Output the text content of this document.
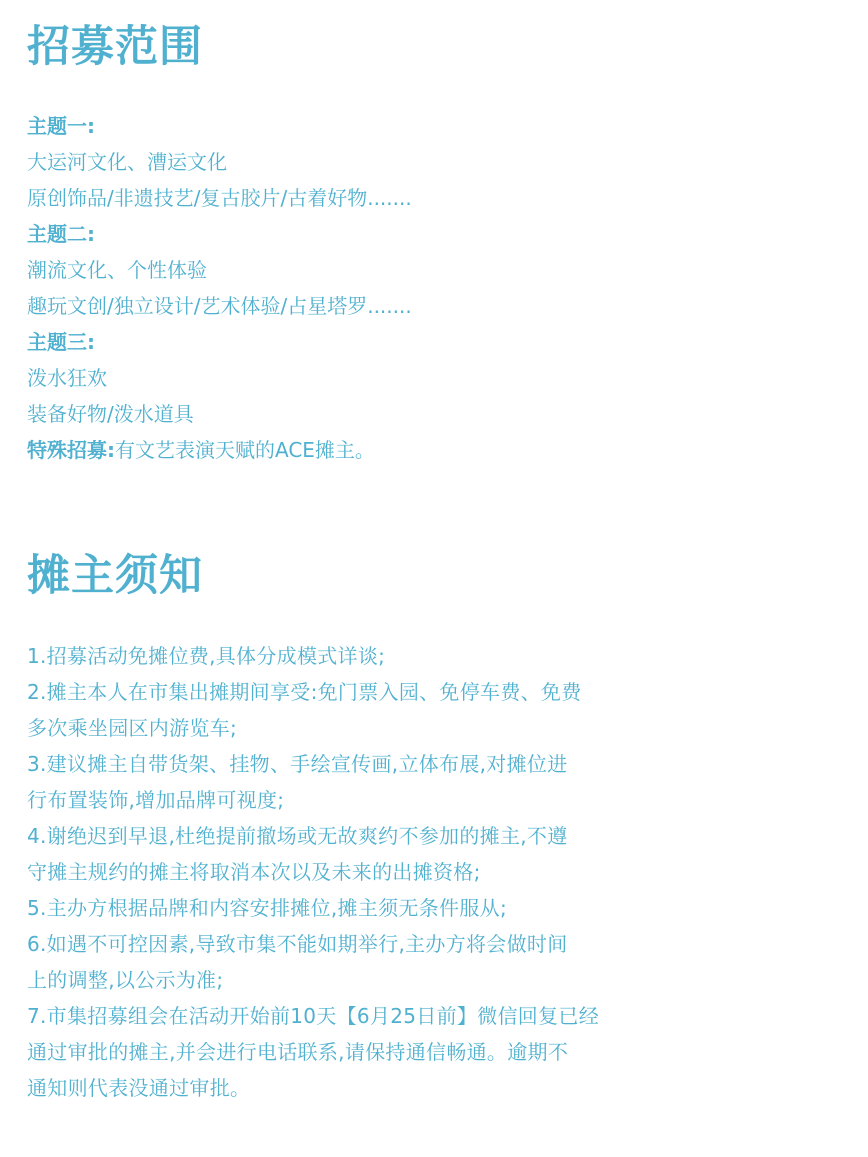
招募范围
主题一:
大运河文化、漕运文化
原创饰品/非遗技艺/复古胶片/古着好物.......
主题二:
潮流文化、个性体验
趣玩文创/独立设计/艺术体验/占星塔罗.......
主题三:
泼水狂欢
装备好物/泼水道具
特殊招募:有文艺表演天赋的ACE摊主。
摊主须知
1.招募活动免摊位费,具体分成模式详谈;
2.摊主本人在市集出摊期间享受:免门票入园、免停车费、免费
多次乘坐园区内游览车;
3.建议摊主自带货架、挂物、手绘宣传画,立体布展,对摊位进
行布置装饰,增加品牌可视度;
4.谢绝迟到早退,杜绝提前撤场或无故爽约不参加的摊主,不遵
守摊主规约的摊主将取消本次以及未来的出摊资格;
5.主办方根据品牌和内容安排摊位,摊主须无条件服从;
6.如遇不可控因素,导致市集不能如期举行,主办方将会做时间
上的调整,以公示为准;
7.市集招募组会在活动开始前10天【6月25日前】微信回复已经
通过审批的摊主,并会进行电话联系,请保持通信畅通。逾期不
通知则代表没通过审批。
